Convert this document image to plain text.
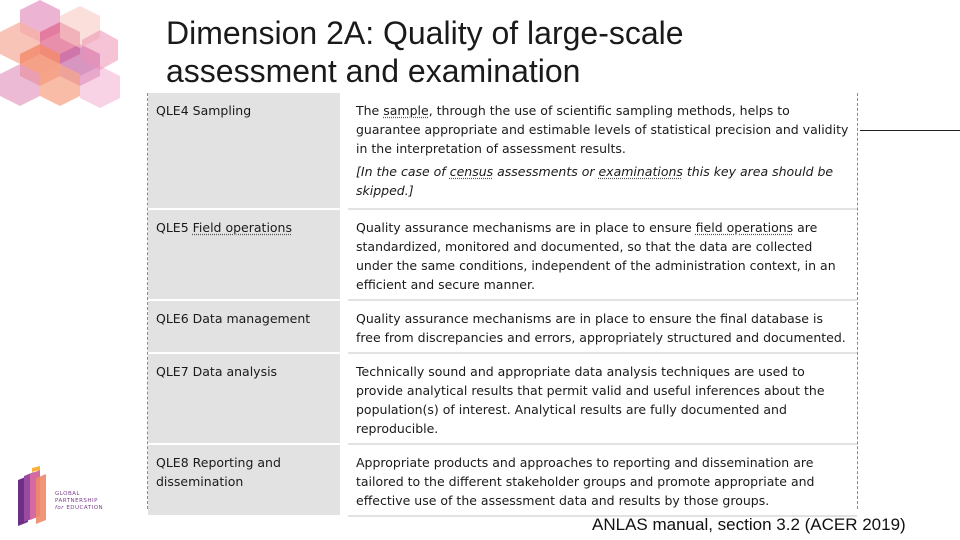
Dimension 2A: Quality of large-scale
assessment and examination
QLE4 Sampling	The sample, through the use of scientific sampling methods, helps to guarantee appropriate and estimable levels of statistical precision and validity in the interpretation of assessment results.

[In the case of census assessments or examinations this key area should be skipped.]

QLE5 Field operations	Quality assurance mechanisms are in place to ensure field operations are standardized, monitored and documented, so that the data are collected under the same conditions, independent of the administration context, in an efficient and secure manner.

QLE6 Data management	Quality assurance mechanisms are in place to ensure the final database is free from discrepancies and errors, appropriately structured and documented.

QLE7 Data analysis	Technically sound and appropriate data analysis techniques are used to provide analytical results that permit valid and useful inferences about the population(s) of interest. Analytical results are fully documented and reproducible.

QLE8 Reporting and dissemination	Appropriate products and approaches to reporting and dissemination are tailored to the different stakeholder groups and promote appropriate and effective use of the assessment data and results by those groups.

GLOBAL
PARTNERSHIP
for EDUCATION
ANLAS manual, section 3.2 (ACER 2019)
